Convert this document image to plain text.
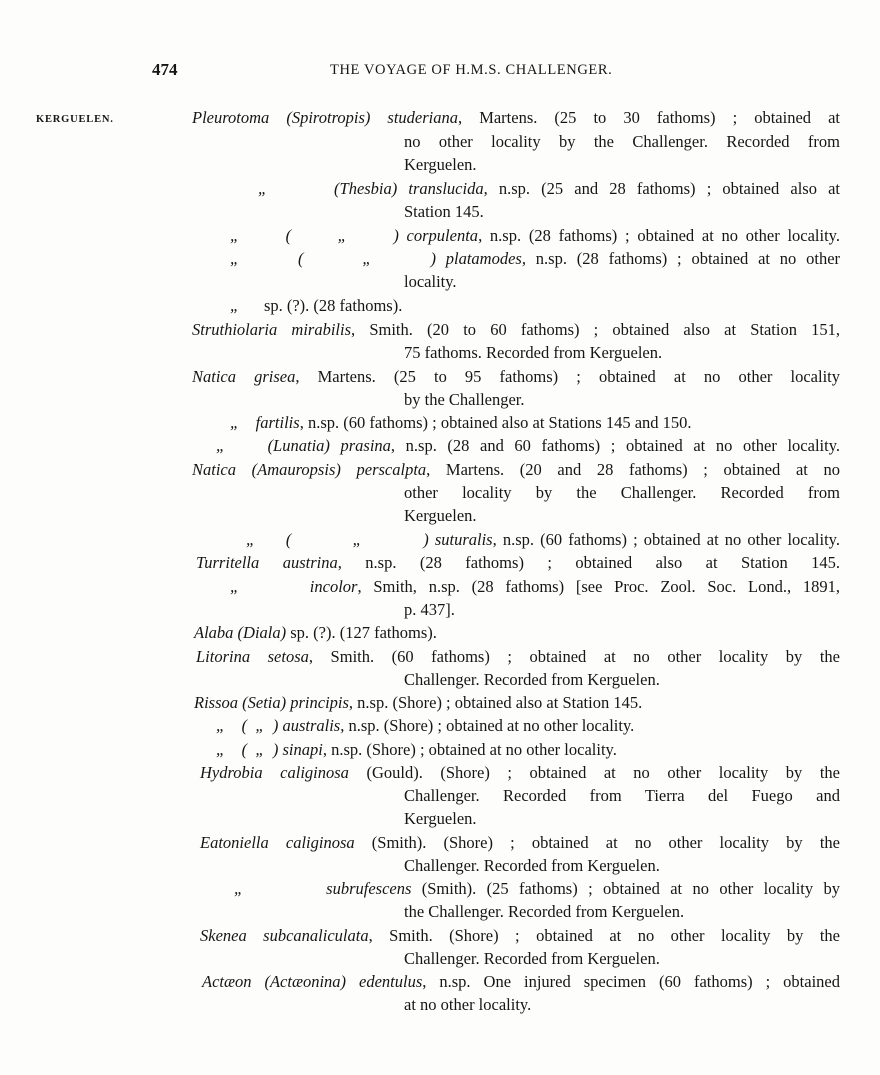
474	THE VOYAGE OF H.M.S. CHALLENGER.
KERGUELEN.	Pleurotoma (Spirotropis) studeriana, Martens. (25 to 30 fathoms) ; obtained at
no other locality by the Challenger. Recorded from
Kerguelen.
„      (Thesbia) translucida, n.sp. (25 and 28 fathoms) ; obtained also at
Station 145.
„      (      „      ) corpulenta, n.sp. (28 fathoms) ; obtained at no other locality.
„      (      „      ) platamodes, n.sp. (28 fathoms) ; obtained at no other
locality.
„      sp. (?). (28 fathoms).
Struthiolaria mirabilis, Smith. (20 to 60 fathoms) ; obtained also at Station 151,
75 fathoms. Recorded from Kerguelen.
Natica grisea, Martens. (25 to 95 fathoms) ; obtained at no other locality
by the Challenger.
„    fartilis, n.sp. (60 fathoms) ; obtained also at Stations 145 and 150.
„    (Lunatia) prasina, n.sp. (28 and 60 fathoms) ; obtained at no other locality.
Natica (Amauropsis) perscalpta, Martens. (20 and 28 fathoms) ; obtained at no
other locality by the Challenger. Recorded from
Kerguelen.
„     (          „          ) suturalis, n.sp. (60 fathoms) ; obtained at no other locality.
Turritella austrina, n.sp. (28 fathoms) ; obtained also at Station 145.
„      incolor, Smith, n.sp. (28 fathoms) [see Proc. Zool. Soc. Lond., 1891,
p. 437].
Alaba (Diala) sp. (?). (127 fathoms).
Litorina setosa, Smith. (60 fathoms) ; obtained at no other locality by the
Challenger. Recorded from Kerguelen.
Rissoa (Setia) principis, n.sp. (Shore) ; obtained also at Station 145.
„    (  „  ) australis, n.sp. (Shore) ; obtained at no other locality.
„    (  „  ) sinapi, n.sp. (Shore) ; obtained at no other locality.
Hydrobia caliginosa (Gould). (Shore) ; obtained at no other locality by the
Challenger. Recorded from Tierra del Fuego and
Kerguelen.
Eatoniella caliginosa (Smith). (Shore) ; obtained at no other locality by the
Challenger. Recorded from Kerguelen.
„        subrufescens (Smith). (25 fathoms) ; obtained at no other locality by
the Challenger. Recorded from Kerguelen.
Skenea subcanaliculata, Smith. (Shore) ; obtained at no other locality by the
Challenger. Recorded from Kerguelen.
Actæon (Actæonina) edentulus, n.sp. One injured specimen (60 fathoms) ; obtained
at no other locality.
